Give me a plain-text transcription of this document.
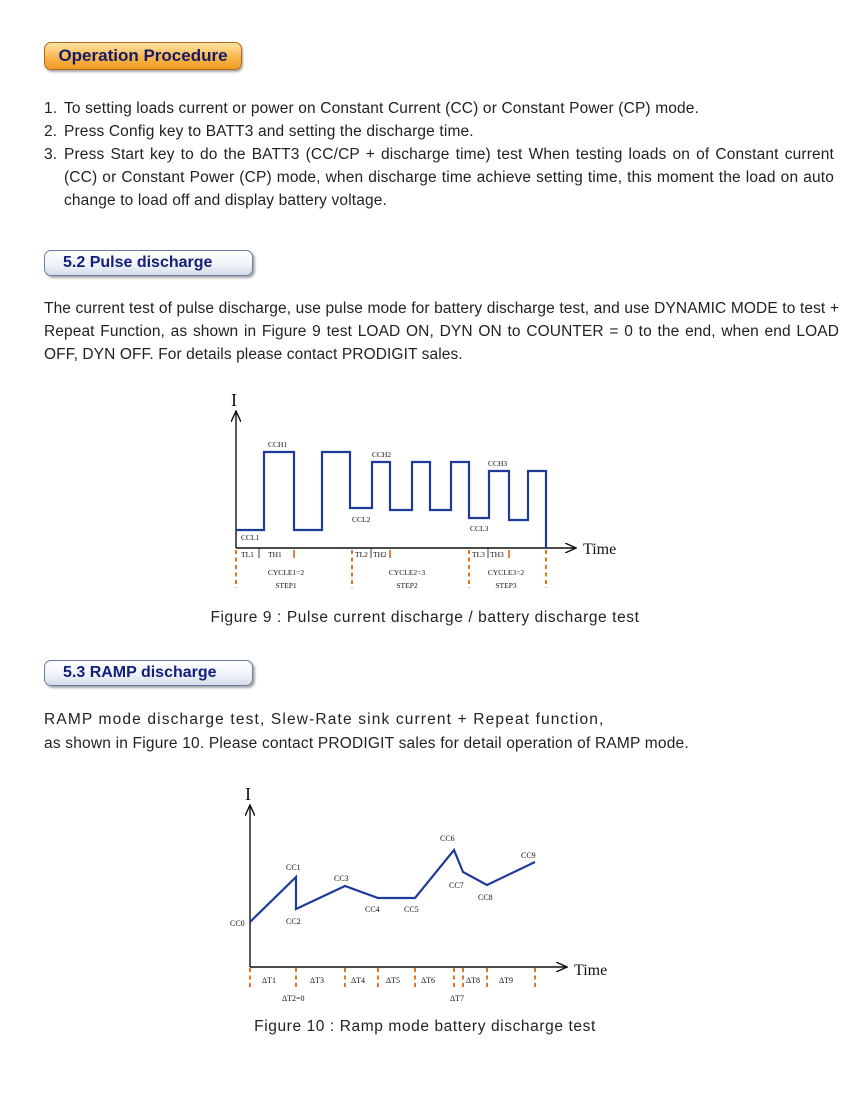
Operation Procedure
1. To setting loads current or power on Constant Current (CC) or Constant Power (CP) mode.
2. Press Config key to BATT3 and setting the discharge time.
3. Press Start key to do the BATT3 (CC/CP + discharge time) test When testing loads on of Constant current (CC) or Constant Power (CP) mode, when discharge time achieve setting time, this moment the load on auto change to load off and display battery voltage.
5.2 Pulse discharge
The current test of pulse discharge, use pulse mode for battery discharge test, and use DYNAMIC MODE to test + Repeat Function, as shown in Figure 9 test LOAD ON, DYN ON to COUNTER = 0 to the end, when end LOAD OFF, DYN OFF. For details please contact PRODIGIT sales.
I
Time
CCL1
CCH1
CCL2
CCH2
CCL3
CCH3
TL1 TH1	TL2 TH2	TL3 TH3
CYCLE1=2
STEP1
CYCLE2=3
STEP2
CYCLE3=2
STEP3
Figure 9 : Pulse current discharge / battery discharge test
5.3 RAMP discharge
RAMP mode discharge test, Slew-Rate sink current + Repeat function,
as shown in Figure 10. Please contact PRODIGIT sales for detail operation of RAMP mode.
I
Time
CC0
CC1
CC2
CC3
CC4	CC5
CC6
CC7
CC8
CC9
ΔT1
ΔT2=0
ΔT3	ΔT4	ΔT5	ΔT6
ΔT7
ΔT8 ΔT9
Figure 10 : Ramp mode battery discharge test
